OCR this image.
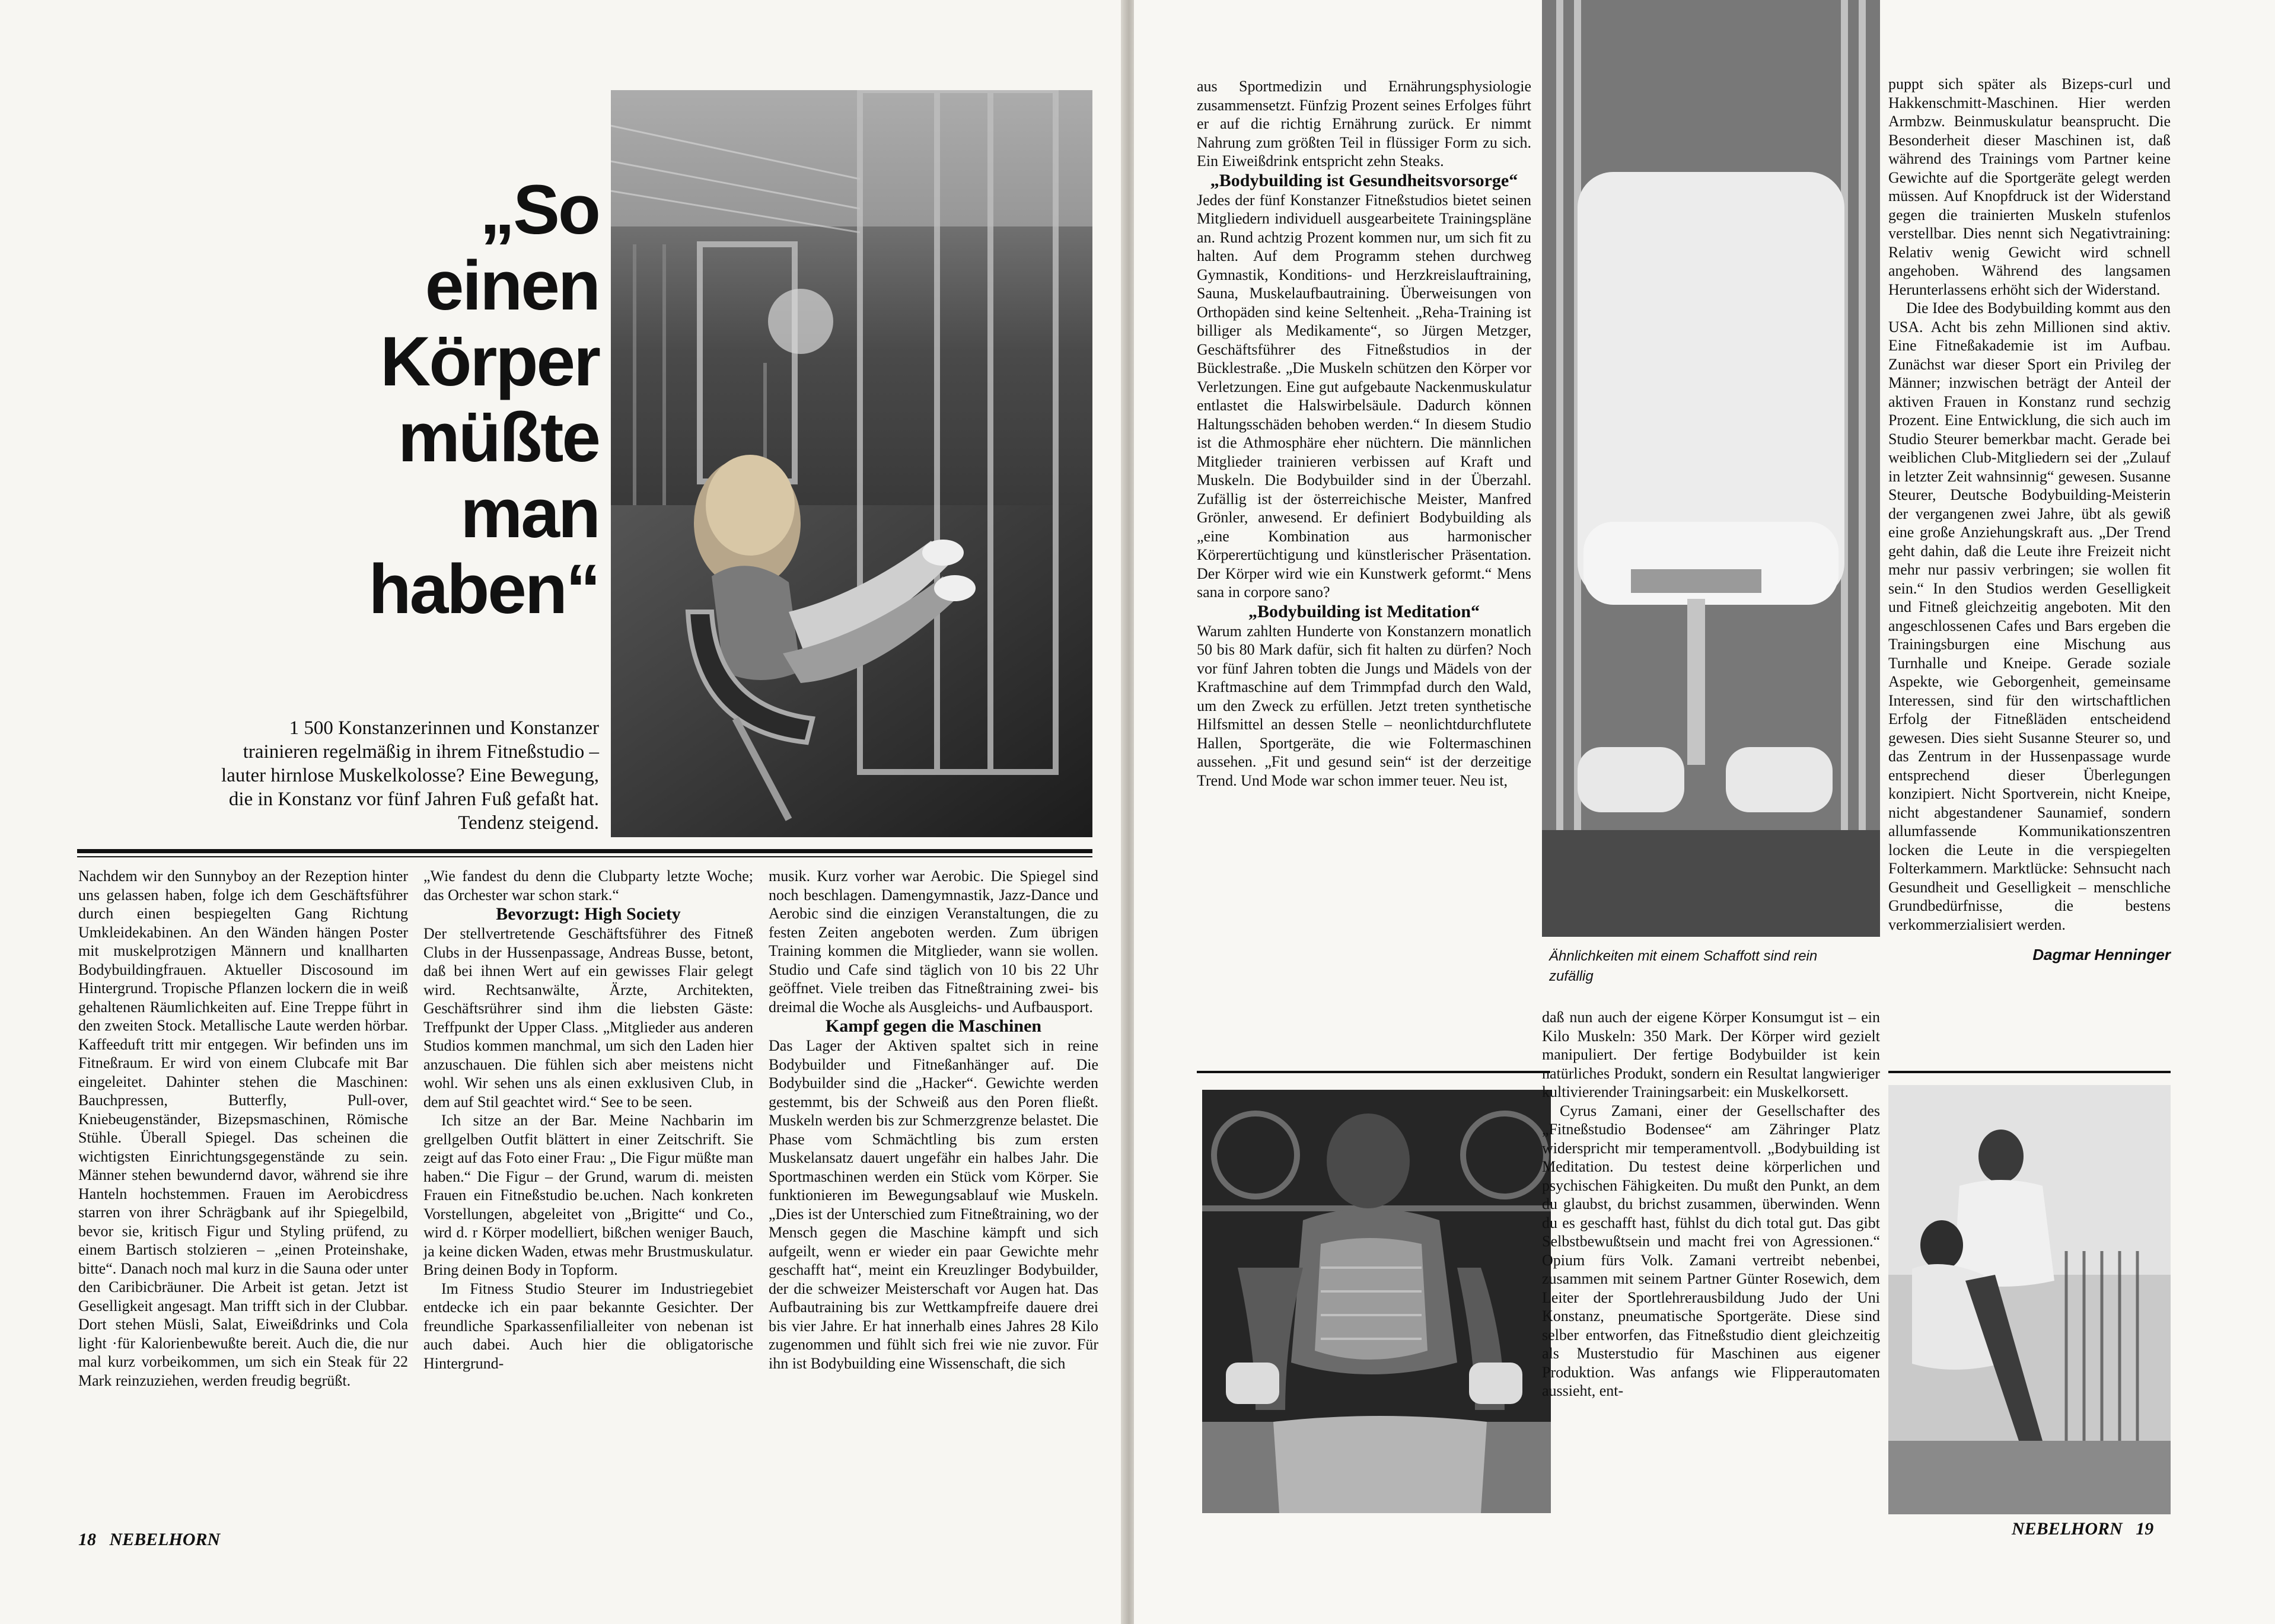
„So
einen
Körper
müßte
man
haben“
1 500 Konstanzerinnen und Konstanzer trainieren regelmäßig in ihrem Fitneßstudio – lauter hirnlose Muskelkolosse? Eine Bewegung, die in Konstanz vor fünf Jahren Fuß gefaßt hat. Tendenz steigend.

Nachdem wir den Sunnyboy an der Rezeption hinter uns gelassen haben, folge ich dem Geschäftsführer durch einen bespiegelten Gang Richtung Umkleidekabinen. An den Wänden hängen Poster mit muskelprotzigen Männern und knallharten Bodybuildingfrauen. Aktueller Discosound im Hintergrund. Tropische Pflanzen lockern die in weiß gehaltenen Räumlichkeiten auf. Eine Treppe führt in den zweiten Stock. Metallische Laute werden hörbar. Kaffeeduft tritt mir entgegen. Wir befinden uns im Fitneßraum. Er wird von einem Clubcafe mit Bar eingeleitet. Dahinter stehen die Maschinen: Bauchpressen, Butterfly, Pull-over, Kniebeugenständer, Bizepsmaschinen, Römische Stühle. Überall Spiegel. Das scheinen die wichtigsten Einrichtungsgegenstände zu sein. Männer stehen bewundernd davor, während sie ihre Hanteln hochstemmen. Frauen im Aerobicdress starren von ihrer Schrägbank auf ihr Spiegelbild, bevor sie, kritisch Figur und Styling prüfend, zu einem Bartisch stolzieren – „einen Proteinshake, bitte“. Danach noch mal kurz in die Sauna oder unter den Caribicbräuner. Die Arbeit ist getan. Jetzt ist Geselligkeit angesagt. Man trifft sich in der Clubbar. Dort stehen Müsli, Salat, Eiweißdrinks und Cola light ·für Kalorienbewußte bereit. Auch die, die nur mal kurz vorbeikommen, um sich ein Steak für 22 Mark reinzuziehen, werden freudig begrüßt.

„Wie fandest du denn die Clubparty letzte Woche; das Orchester war schon stark.“

Bevorzugt: High Society

Der stellvertretende Geschäftsführer des Fitneß Clubs in der Hussenpassage, Andreas Busse, betont, daß bei ihnen Wert auf ein gewisses Flair gelegt wird. Rechtsanwälte, Ärzte, Architekten, Geschäftsrührer sind ihm die liebsten Gäste: Treffpunkt der Upper Class. „Mitglieder aus anderen Studios kommen manchmal, um sich den Laden hier anzuschauen. Die fühlen sich aber meistens nicht wohl. Wir sehen uns als einen exklusiven Club, in dem auf Stil geachtet wird.“ See to be seen.

Ich sitze an der Bar. Meine Nachbarin im grellgelben Outfit blättert in einer Zeitschrift. Sie zeigt auf das Foto einer Frau: „ Die Figur müßte man haben.“ Die Figur – der Grund, warum di. meisten Frauen ein Fitneßstudio be.uchen. Nach konkreten Vorstellungen, abgeleitet von „Brigitte“ und Co., wird d. r Körper modelliert, bißchen weniger Bauch, ja keine dicken Waden, etwas mehr Brustmuskulatur. Bring deinen Body in Topform.

Im Fitness Studio Steurer im Industriegebiet entdecke ich ein paar bekannte Gesichter. Der freundliche Sparkassenfilialleiter von nebenan ist auch dabei. Auch hier die obligatorische Hintergrund-

musik. Kurz vorher war Aerobic. Die Spiegel sind noch beschlagen. Damengymnastik, Jazz-Dance und Aerobic sind die einzigen Veranstaltungen, die zu festen Zeiten angeboten werden. Zum übrigen Training kommen die Mitglieder, wann sie wollen. Studio und Cafe sind täglich von 10 bis 22 Uhr geöffnet. Viele treiben das Fitneßtraining zwei- bis dreimal die Woche als Ausgleichs- und Aufbausport.

Kampf gegen die Maschinen

Das Lager der Aktiven spaltet sich in reine Bodybuilder und Fitneßanhänger auf. Die Bodybuilder sind die „Hacker“. Gewichte werden gestemmt, bis der Schweiß aus den Poren fließt. Muskeln werden bis zur Schmerzgrenze belastet. Die Phase vom Schmächtling bis zum ersten Muskelansatz dauert ungefähr ein halbes Jahr. Die Sportmaschinen werden ein Stück vom Körper. Sie funktionieren im Bewegungsablauf wie Muskeln. „Dies ist der Unterschied zum Fitneßtraining, wo der Mensch gegen die Maschine kämpft und sich aufgeilt, wenn er wieder ein paar Gewichte mehr geschafft hat“, meint ein Kreuzlinger Bodybuilder, der die schweizer Meisterschaft vor Augen hat. Das Aufbautraining bis zur Wettkampfreife dauere drei bis vier Jahre. Er hat innerhalb eines Jahres 28 Kilo zugenommen und fühlt sich frei wie nie zuvor. Für ihn ist Bodybuilding eine Wissenschaft, die sich

18   NEBELHORN
Ähnlichkeiten mit einem Schaffott sind rein zufällig

aus Sportmedizin und Ernährungsphysiologie zusammensetzt. Fünfzig Prozent seines Erfolges führt er auf die richtig Ernährung zurück. Er nimmt Nahrung zum größten Teil in flüssiger Form zu sich. Ein Eiweißdrink entspricht zehn Steaks.

„Bodybuilding ist Gesundheitsvorsorge“

Jedes der fünf Konstanzer Fitneßstudios bietet seinen Mitgliedern individuell ausgearbeitete Trainingspläne an. Rund achtzig Prozent kommen nur, um sich fit zu halten. Auf dem Programm stehen durchweg Gymnastik, Konditions- und Herzkreislauftraining, Sauna, Muskelaufbautraining. Überweisungen von Orthopäden sind keine Seltenheit. „Reha-Training ist billiger als Medikamente“, so Jürgen Metzger, Geschäftsführer des Fitneßstudios in der Bücklestraße. „Die Muskeln schützen den Körper vor Verletzungen. Eine gut aufgebaute Nackenmuskulatur entlastet die Halswirbelsäule. Dadurch können Haltungsschäden behoben werden.“ In diesem Studio ist die Athmosphäre eher nüchtern. Die männlichen Mitglieder trainieren verbissen auf Kraft und Muskeln. Die Bodybuilder sind in der Überzahl. Zufällig ist der österreichische Meister, Manfred Grönler, anwesend. Er definiert Bodybuilding als „eine Kombination aus harmonischer Körperertüchtigung und künstlerischer Präsentation. Der Körper wird wie ein Kunstwerk geformt.“ Mens sana in corpore sano?

„Bodybuilding ist Meditation“

Warum zahlten Hunderte von Konstanzern monatlich 50 bis 80 Mark dafür, sich fit halten zu dürfen? Noch vor fünf Jahren tobten die Jungs und Mädels von der Kraftmaschine auf dem Trimmpfad durch den Wald, um den Zweck zu erfüllen. Jetzt treten synthetische Hilfsmittel an dessen Stelle – neonlichtdurchflutete Hallen, Sportgeräte, die wie Foltermaschinen aussehen. „Fit und gesund sein“ ist der derzeitige Trend. Und Mode war schon immer teuer. Neu ist,

daß nun auch der eigene Körper Konsumgut ist – ein Kilo Muskeln: 350 Mark. Der Körper wird gezielt manipuliert. Der fertige Bodybuilder ist kein natürliches Produkt, sondern ein Resultat langwieriger kultivierender Trainingsarbeit: ein Muskelkorsett.

Cyrus Zamani, einer der Gesellschafter des „Fitneßstudio Bodensee“ am Zähringer Platz widerspricht mir temperamentvoll. „Bodybuilding ist Meditation. Du testest deine körperlichen und psychischen Fähigkeiten. Du mußt den Punkt, an dem du glaubst, du brichst zusammen, überwinden. Wenn du es geschafft hast, fühlst du dich total gut. Das gibt Selbstbewußtsein und macht frei von Agressionen.“ Opium fürs Volk. Zamani vertreibt nebenbei, zusammen mit seinem Partner Günter Rosewich, dem Leiter der Sportlehrerausbildung Judo der Uni Konstanz, pneumatische Sportgeräte. Diese sind selber entworfen, das Fitneßstudio dient gleichzeitig als Musterstudio für Maschinen aus eigener Produktion. Was anfangs wie Flipperautomaten aussieht, ent-

puppt sich später als Bizeps-curl und Hakkenschmitt-Maschinen. Hier werden Armbzw. Beinmuskulatur beansprucht. Die Besonderheit dieser Maschinen ist, daß während des Trainings vom Partner keine Gewichte auf die Sportgeräte gelegt werden müssen. Auf Knopfdruck ist der Widerstand gegen die trainierten Muskeln stufenlos verstellbar. Dies nennt sich Negativtraining: Relativ wenig Gewicht wird schnell angehoben. Während des langsamen Herunterlassens erhöht sich der Widerstand.

Die Idee des Bodybuilding kommt aus den USA. Acht bis zehn Millionen sind aktiv. Eine Fitneßakademie ist im Aufbau. Zunächst war dieser Sport ein Privileg der Männer; inzwischen beträgt der Anteil der aktiven Frauen in Konstanz rund sechzig Prozent. Eine Entwicklung, die sich auch im Studio Steurer bemerkbar macht. Gerade bei weiblichen Club-Mitgliedern sei der „Zulauf in letzter Zeit wahnsinnig“ gewesen. Susanne Steurer, Deutsche Bodybuilding-Meisterin der vergangenen zwei Jahre, übt als gewiß eine große Anziehungskraft aus. „Der Trend geht dahin, daß die Leute ihre Freizeit nicht mehr nur passiv verbringen; sie wollen fit sein.“ In den Studios werden Geselligkeit und Fitneß gleichzeitig angeboten. Mit den angeschlossenen Cafes und Bars ergeben die Trainingsburgen eine Mischung aus Turnhalle und Kneipe. Gerade soziale Aspekte, wie Geborgenheit, gemeinsame Interessen, sind für den wirtschaftlichen Erfolg der Fitneßläden entscheidend gewesen. Dies sieht Susanne Steurer so, und das Zentrum in der Hussenpassage wurde entsprechend dieser Überlegungen konzipiert. Nicht Sportverein, nicht Kneipe, nicht abgestandener Saunamief, sondern allumfassende Kommunikationszentren locken die Leute in die verspiegelten Folterkammern. Marktlücke: Sehnsucht nach Gesundheit und Geselligkeit – menschliche Grundbedürfnisse, die bestens verkommerzialisiert werden.

Dagmar Henninger

NEBELHORN   19
